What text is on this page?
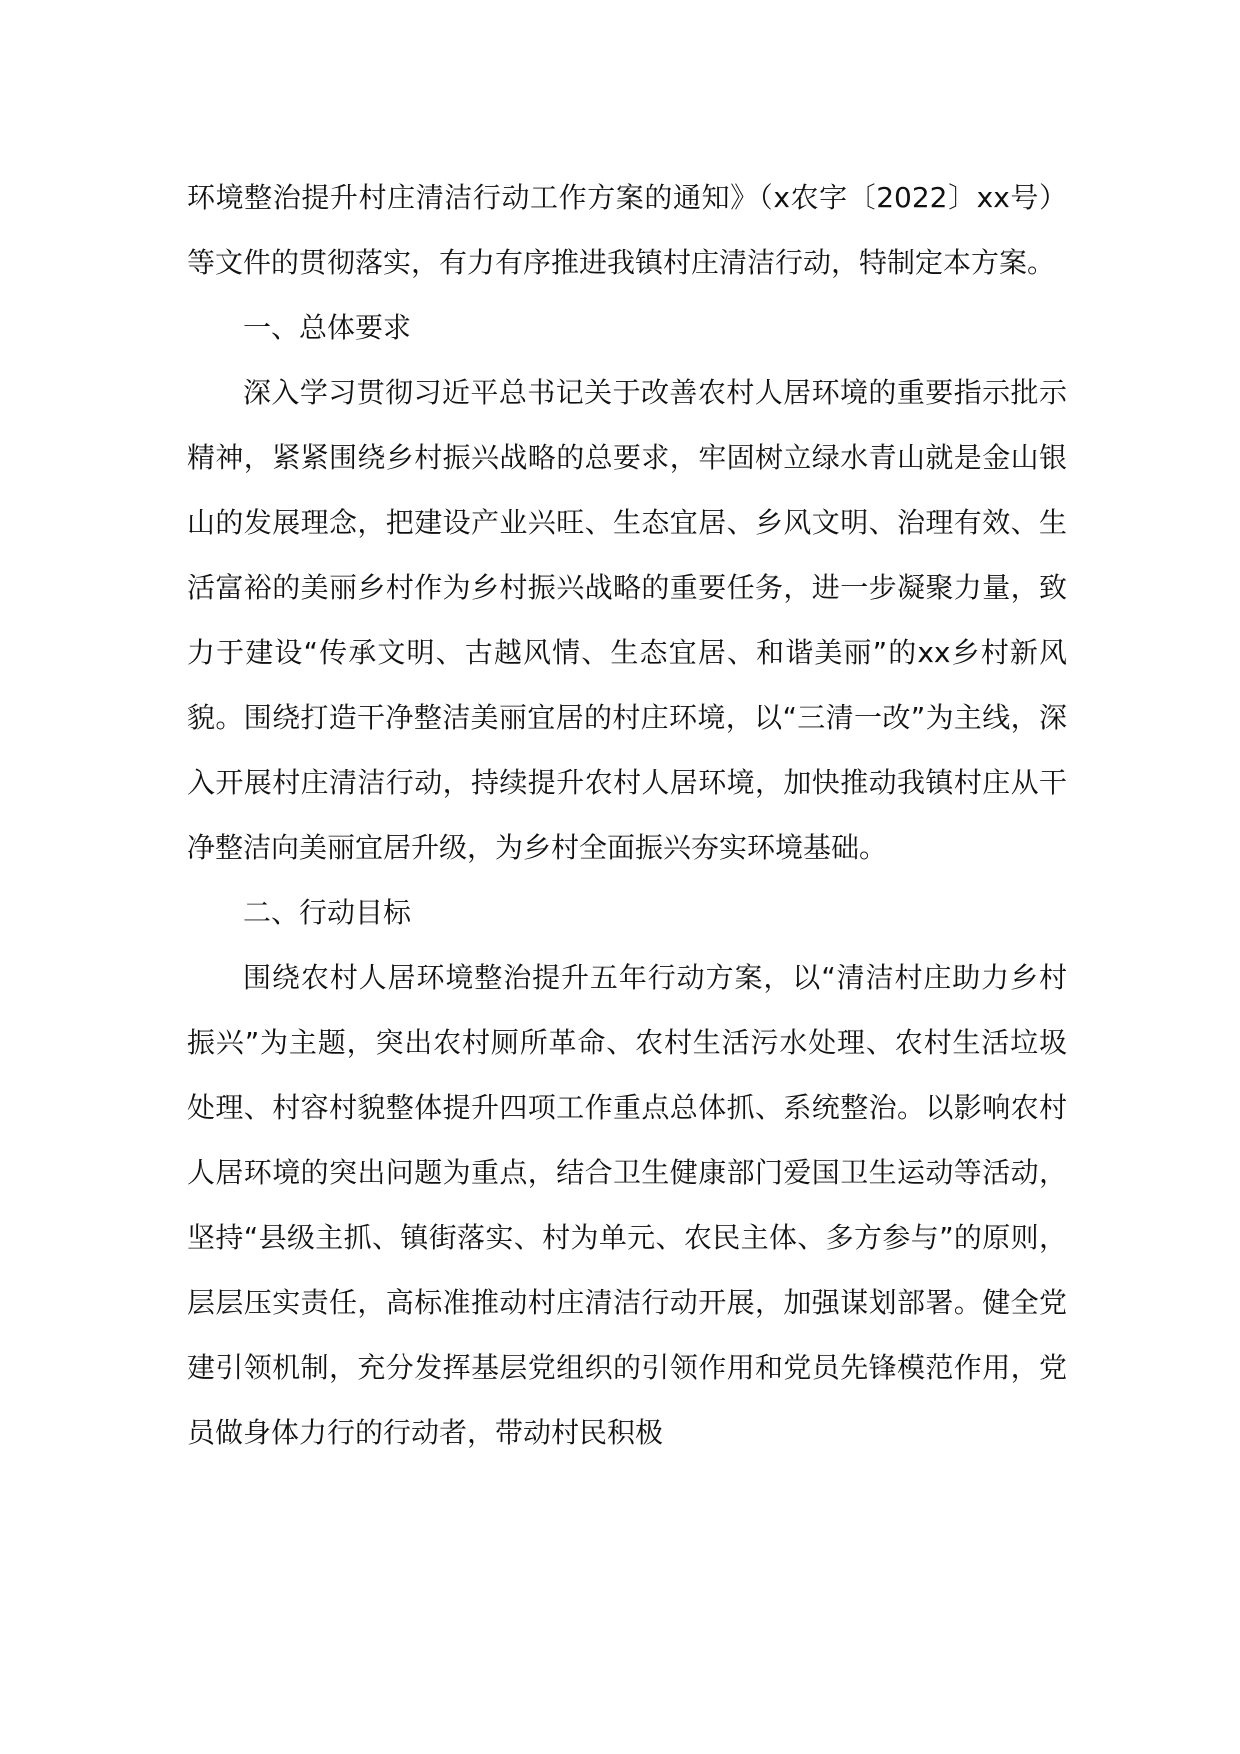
环境整治提升村庄清洁行动工作方案的通知》（x农字〔2022〕xx号）等文件的贯彻落实，有力有序推进我镇村庄清洁行动，特制定本方案。

一、总体要求

深入学习贯彻习近平总书记关于改善农村人居环境的重要指示批示精神，紧紧围绕乡村振兴战略的总要求，牢固树立绿水青山就是金山银山的发展理念，把建设产业兴旺、生态宜居、乡风文明、治理有效、生活富裕的美丽乡村作为乡村振兴战略的重要任务，进一步凝聚力量，致力于建设“传承文明、古越风情、生态宜居、和谐美丽”的xx乡村新风貌。围绕打造干净整洁美丽宜居的村庄环境，以“三清一改”为主线，深入开展村庄清洁行动，持续提升农村人居环境，加快推动我镇村庄从干净整洁向美丽宜居升级，为乡村全面振兴夯实环境基础。

二、行动目标

围绕农村人居环境整治提升五年行动方案，以“清洁村庄助力乡村振兴”为主题，突出农村厕所革命、农村生活污水处理、农村生活垃圾处理、村容村貌整体提升四项工作重点总体抓、系统整治。以影响农村人居环境的突出问题为重点，结合卫生健康部门爱国卫生运动等活动，坚持“县级主抓、镇街落实、村为单元、农民主体、多方参与”的原则，层层压实责任，高标准推动村庄清洁行动开展，加强谋划部署。健全党建引领机制，充分发挥基层党组织的引领作用和党员先锋模范作用，党员做身体力行的行动者，带动村民积极
